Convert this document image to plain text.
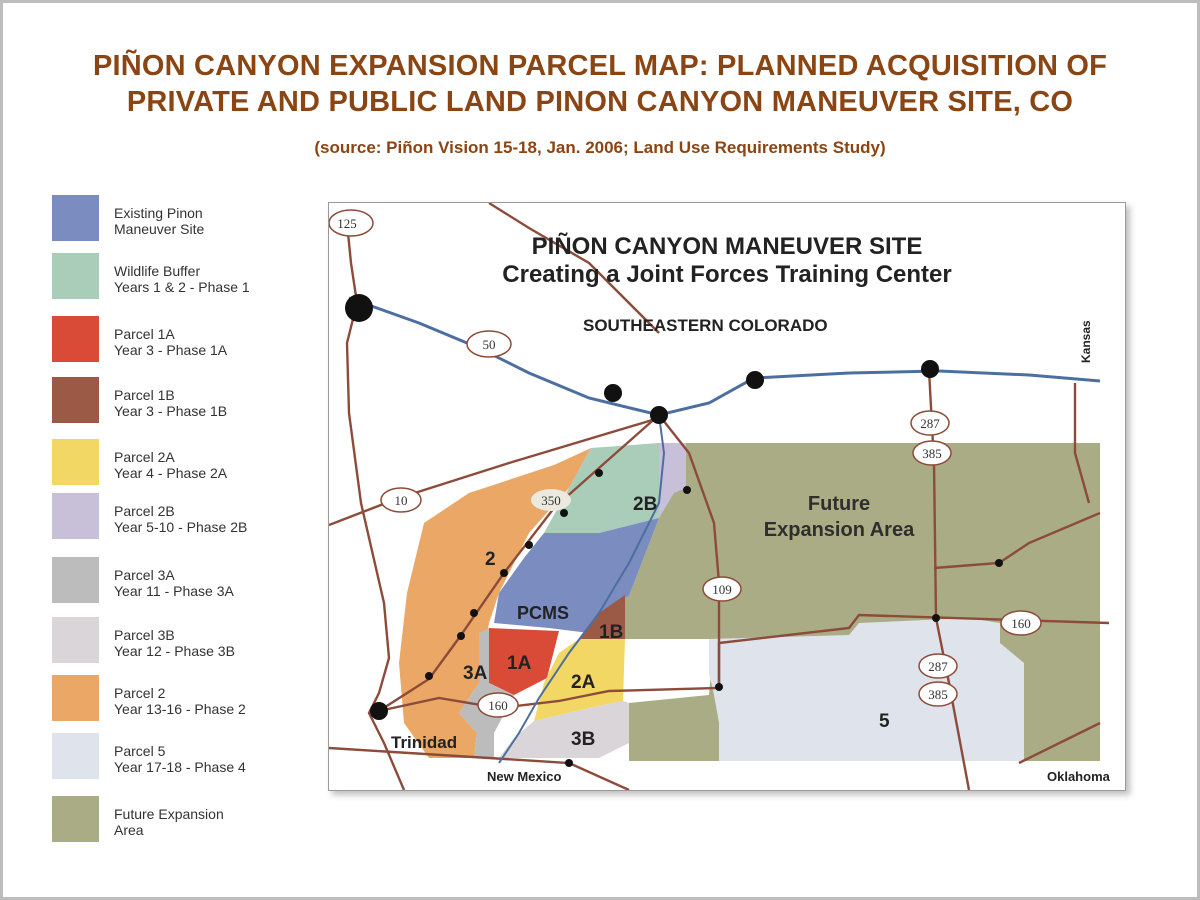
PIÑON CANYON EXPANSION PARCEL MAP: PLANNED ACQUISITION OF
PRIVATE AND PUBLIC LAND PINON CANYON MANEUVER SITE, CO
(source: Piñon Vision 15-18, Jan. 2006; Land Use Requirements Study)
Existing Pinon
Maneuver Site
Wildlife Buffer
Years 1 & 2 - Phase 1
Parcel 1A
Year 3 - Phase 1A
Parcel 1B
Year 3 - Phase 1B
Parcel 2A
Year 4 - Phase 2A
Parcel 2B
Year 5-10 - Phase 2B
Parcel 3A
Year 11 - Phase 3A
Parcel 3B
Year 12 - Phase 3B
Parcel 2
Year 13-16 - Phase 2
Parcel 5
Year 17-18 - Phase 4
Future Expansion
Area
125
50
287
385
10	350
109
160
287
385
160
PIÑON CANYON MANEUVER SITE
Creating a Joint Forces Training Center
SOUTHEASTERN COLORADO	Kansas
New Mexico	Oklahoma
Future
Expansion Area
2B
2
PCMS
1B
1A
3A	2A
3B
5
Trinidad
